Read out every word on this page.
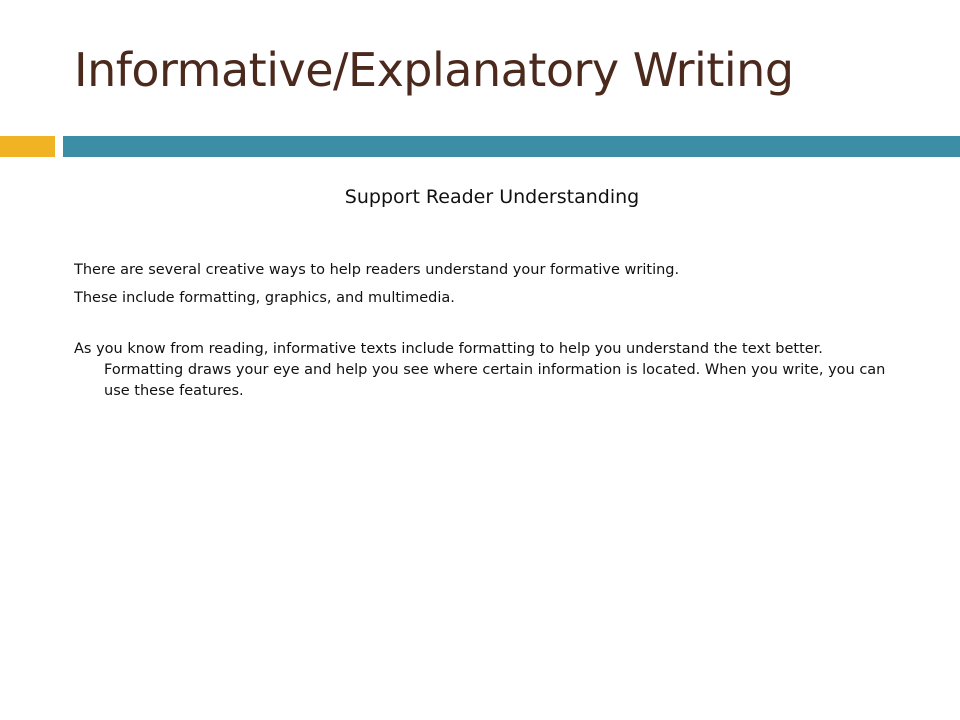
Informative/Explanatory Writing
Support Reader Understanding

There are several creative ways to help readers understand your formative writing.

These include formatting, graphics, and multimedia.

As you know from reading, informative texts include formatting to help you understand the text better. Formatting draws your eye and help you see where certain information is located. When you write, you can use these features.
